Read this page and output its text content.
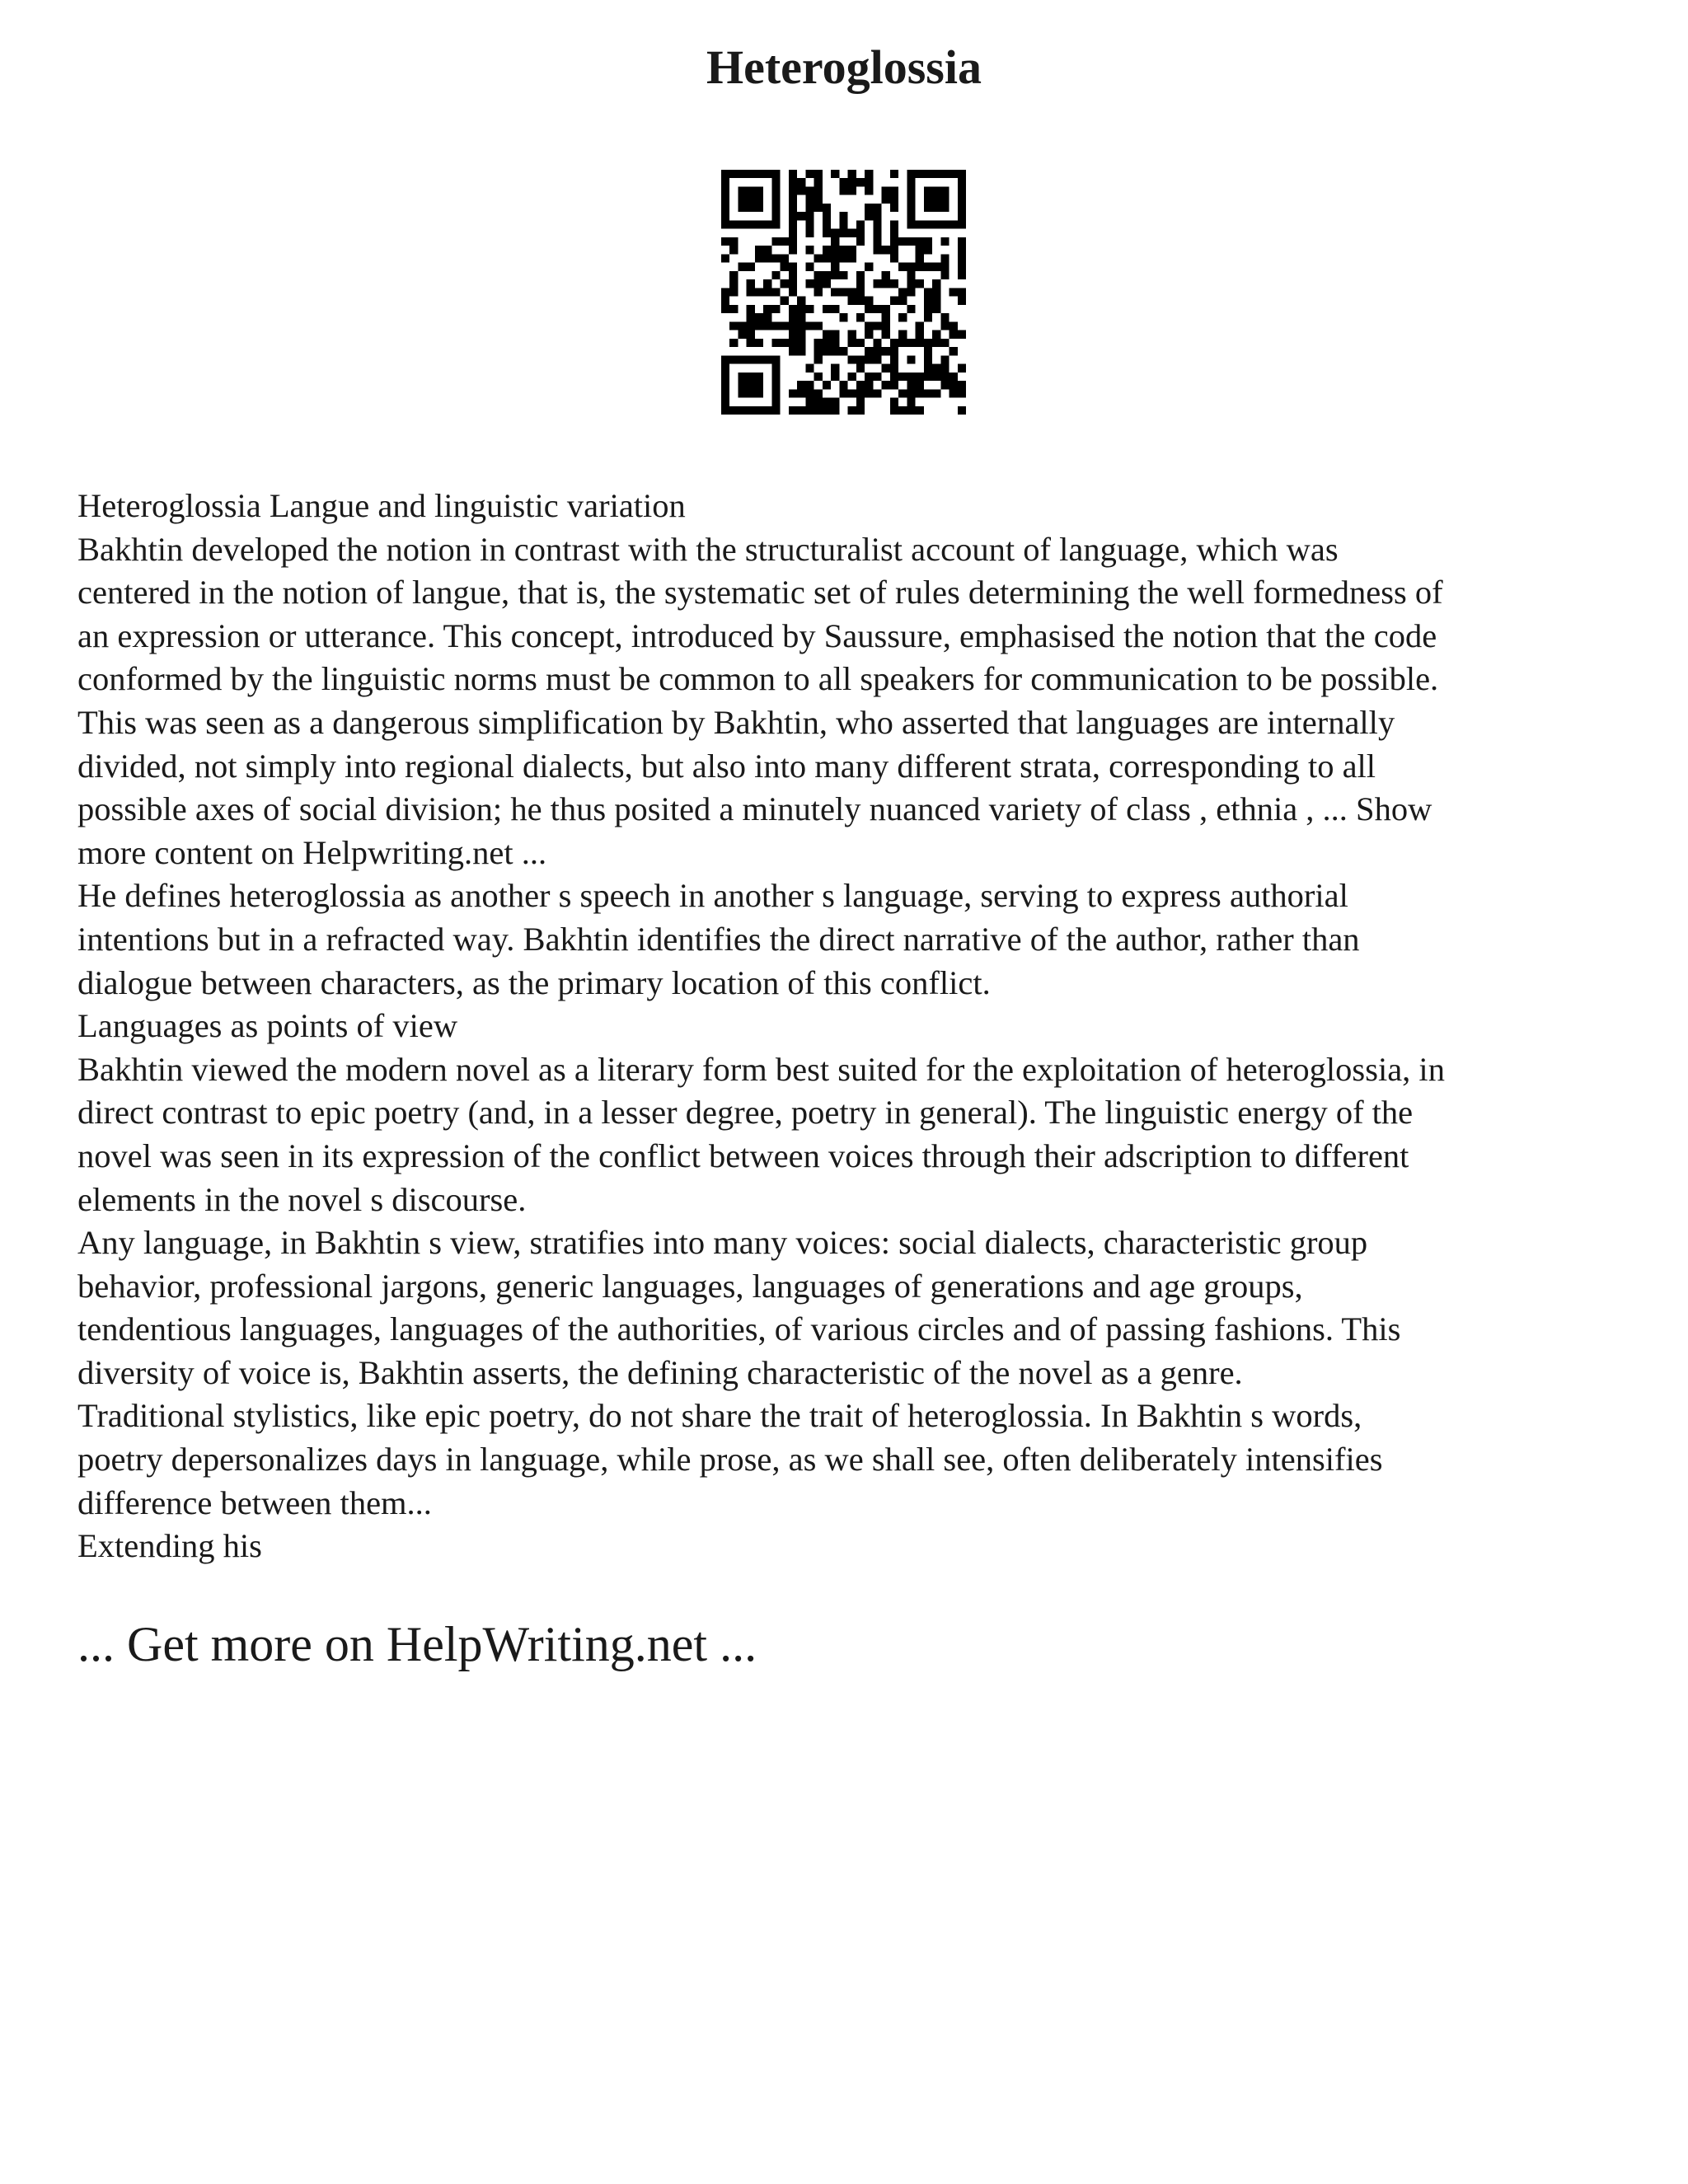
Heteroglossia
Heteroglossia Langue and linguistic variation
Bakhtin developed the notion in contrast with the structuralist account of language, which was
centered in the notion of langue, that is, the systematic set of rules determining the well formedness of
an expression or utterance. This concept, introduced by Saussure, emphasised the notion that the code
conformed by the linguistic norms must be common to all speakers for communication to be possible.
This was seen as a dangerous simplification by Bakhtin, who asserted that languages are internally
divided, not simply into regional dialects, but also into many different strata, corresponding to all
possible axes of social division; he thus posited a minutely nuanced variety of class , ethnia , ... Show
more content on Helpwriting.net ...
He defines heteroglossia as another s speech in another s language, serving to express authorial
intentions but in a refracted way. Bakhtin identifies the direct narrative of the author, rather than
dialogue between characters, as the primary location of this conflict.
Languages as points of view
Bakhtin viewed the modern novel as a literary form best suited for the exploitation of heteroglossia, in
direct contrast to epic poetry (and, in a lesser degree, poetry in general). The linguistic energy of the
novel was seen in its expression of the conflict between voices through their adscription to different
elements in the novel s discourse.
Any language, in Bakhtin s view, stratifies into many voices: social dialects, characteristic group
behavior, professional jargons, generic languages, languages of generations and age groups,
tendentious languages, languages of the authorities, of various circles and of passing fashions. This
diversity of voice is, Bakhtin asserts, the defining characteristic of the novel as a genre.
Traditional stylistics, like epic poetry, do not share the trait of heteroglossia. In Bakhtin s words,
poetry depersonalizes days in language, while prose, as we shall see, often deliberately intensifies
difference between them...
Extending his
... Get more on HelpWriting.net ...
